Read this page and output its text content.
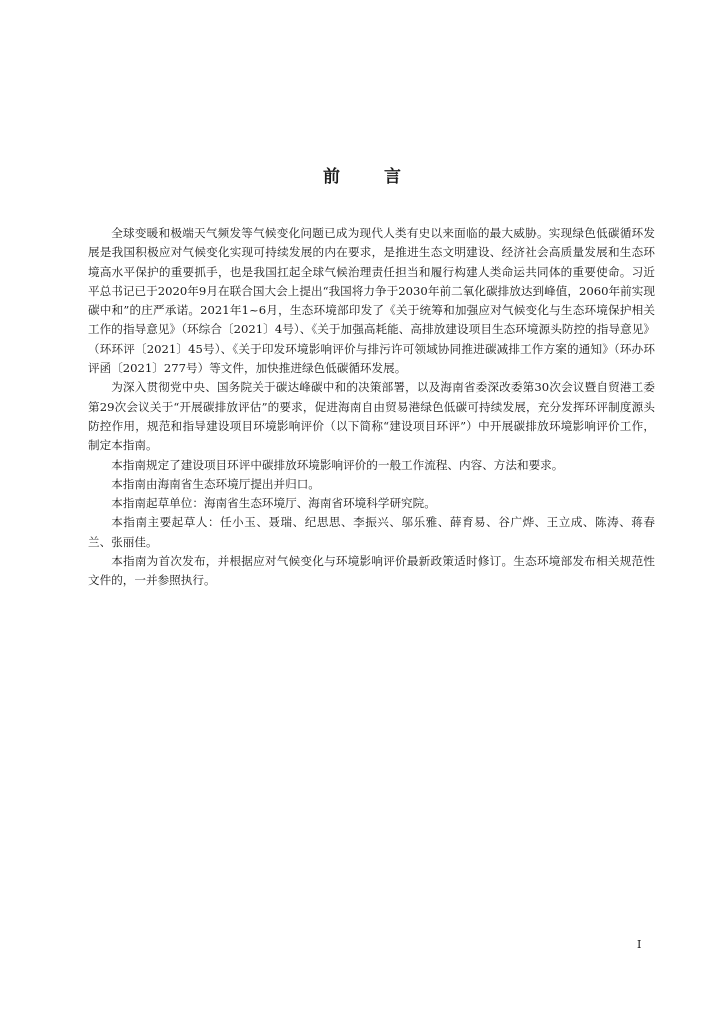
前	言

全球变暖和极端天气频发等气候变化问题已成为现代人类有史以来面临的最大威胁。实现绿色低碳循环发展是我国积极应对气候变化实现可持续发展的内在要求，是推进生态文明建设、经济社会高质量发展和生态环境高水平保护的重要抓手，也是我国扛起全球气候治理责任担当和履行构建人类命运共同体的重要使命。习近平总书记已于2020年9月在联合国大会上提出“我国将力争于2030年前二氧化碳排放达到峰值，2060年前实现碳中和”的庄严承诺。2021年1~6月，生态环境部印发了《关于统筹和加强应对气候变化与生态环境保护相关工作的指导意见》（环综合〔2021〕4号）、《关于加强高耗能、高排放建设项目生态环境源头防控的指导意见》（环环评〔2021〕45号）、《关于印发环境影响评价与排污许可领域协同推进碳减排工作方案的通知》（环办环评函〔2021〕277号）等文件，加快推进绿色低碳循环发展。

为深入贯彻党中央、国务院关于碳达峰碳中和的决策部署，以及海南省委深改委第30次会议暨自贸港工委第29次会议关于“开展碳排放评估”的要求，促进海南自由贸易港绿色低碳可持续发展，充分发挥环评制度源头防控作用，规范和指导建设项目环境影响评价（以下简称“建设项目环评”）中开展碳排放环境影响评价工作，制定本指南。

本指南规定了建设项目环评中碳排放环境影响评价的一般工作流程、内容、方法和要求。

本指南由海南省生态环境厅提出并归口。

本指南起草单位：海南省生态环境厅、海南省环境科学研究院。

本指南主要起草人：任小玉、聂瑞、纪思思、李振兴、邬乐雅、薛育易、谷广烨、王立成、陈涛、蒋春兰、张丽佳。

本指南为首次发布，并根据应对气候变化与环境影响评价最新政策适时修订。生态环境部发布相关规范性文件的，一并参照执行。

I
